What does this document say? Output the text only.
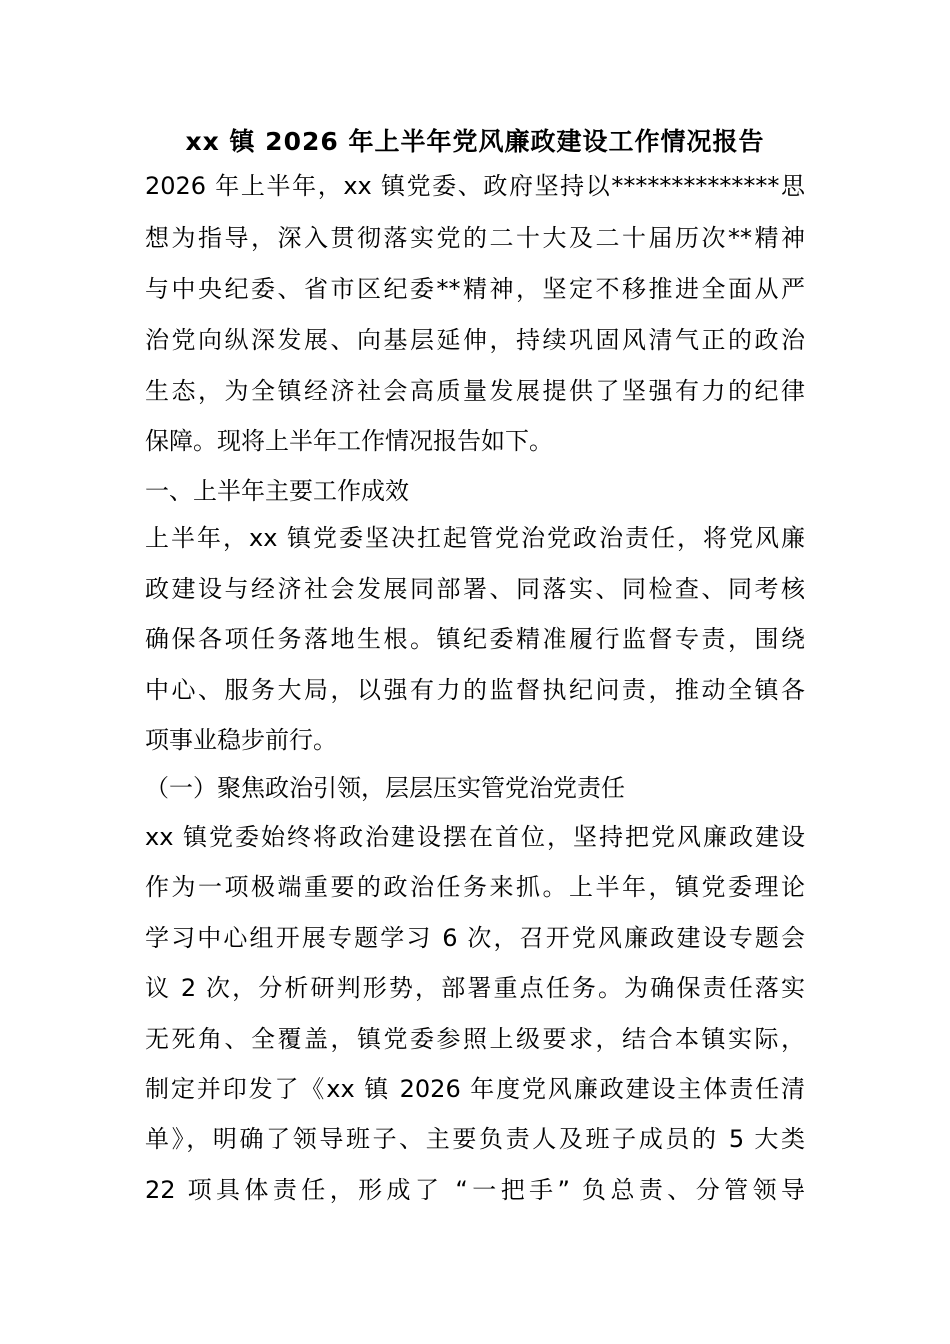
xx 镇 2026 年上半年党风廉政建设工作情况报告
2026 年上半年，xx 镇党委、政府坚持以**************思
想为指导，深入贯彻落实党的二十大及二十届历次**精神
与中央纪委、省市区纪委**精神，坚定不移推进全面从严
治党向纵深发展、向基层延伸，持续巩固风清气正的政治
生态，为全镇经济社会高质量发展提供了坚强有力的纪律
保障。现将上半年工作情况报告如下。
一、上半年主要工作成效
上半年，xx 镇党委坚决扛起管党治党政治责任，将党风廉
政建设与经济社会发展同部署、同落实、同检查、同考核
确保各项任务落地生根。镇纪委精准履行监督专责，围绕
中心、服务大局，以强有力的监督执纪问责，推动全镇各
项事业稳步前行。
（一）聚焦政治引领，层层压实管党治党责任
xx 镇党委始终将政治建设摆在首位，坚持把党风廉政建设
作为一项极端重要的政治任务来抓。上半年，镇党委理论
学习中心组开展专题学习 6 次，召开党风廉政建设专题会
议 2 次，分析研判形势，部署重点任务。为确保责任落实
无死角、全覆盖，镇党委参照上级要求，结合本镇实际，
制定并印发了《xx 镇 2026 年度党风廉政建设主体责任清
单》，明确了领导班子、主要负责人及班子成员的 5 大类
22 项具体责任，形成了 “一把手” 负总责、分管领导
